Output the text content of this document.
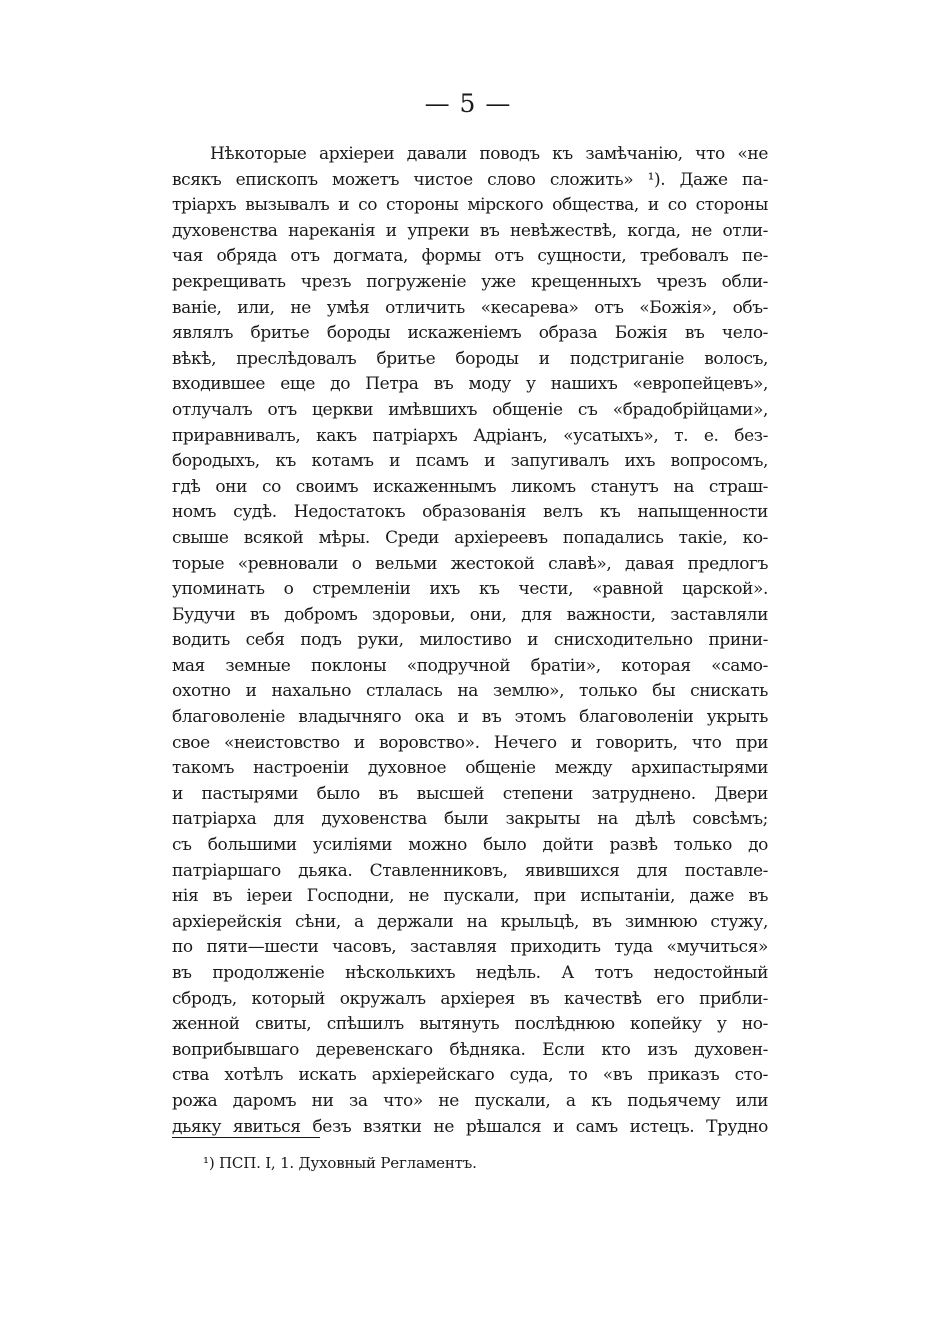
— 5 —
Нѣкоторые архіереи давали поводъ къ замѣчанію, что «не
всякъ епископъ можетъ чистое слово сложить» ¹). Даже па-
тріархъ вызывалъ и со стороны мірского общества, и со стороны
духовенства нареканія и упреки въ невѣжествѣ, когда, не отли-
чая обряда отъ догмата, формы отъ сущности, требовалъ пе-
рекрещивать чрезъ погруженіе уже крещенныхъ чрезъ обли-
ваніе, или, не умѣя отличить «кесарева» отъ «Божія», объ-
являлъ бритье бороды искаженіемъ образа Божія въ чело-
вѣкѣ, преслѣдовалъ бритье бороды и подстриганіе волосъ,
входившее еще до Петра въ моду у нашихъ «европейцевъ»,
отлучалъ отъ церкви имѣвшихъ общеніе съ «брадобрійцами»,
приравнивалъ, какъ патріархъ Адріанъ, «усатыхъ», т. е. без-
бородыхъ, къ котамъ и псамъ и запугивалъ ихъ вопросомъ,
гдѣ они со своимъ искаженнымъ ликомъ станутъ на страш-
номъ судѣ. Недостатокъ образованія велъ къ напыщенности
свыше всякой мѣры. Среди архіереевъ попадались такіе, ко-
торые «ревновали о вельми жестокой славѣ», давая предлогъ
упоминать о стремленіи ихъ къ чести, «равной царской».
Будучи въ добромъ здоровьи, они, для важности, заставляли
водить себя подъ руки, милостиво и снисходительно прини-
мая земные поклоны «подручной братіи», которая «само-
охотно и нахально стлалась на землю», только бы снискать
благоволеніе владычняго ока и въ этомъ благоволеніи укрыть
свое «неистовство и воровство». Нечего и говорить, что при
такомъ настроеніи духовное общеніе между архипастырями
и пастырями было въ высшей степени затруднено. Двери
патріарха для духовенства были закрыты на дѣлѣ совсѣмъ;
съ большими усиліями можно было дойти развѣ только до
патріаршаго дьяка. Ставленниковъ, явившихся для поставле-
нія въ іереи Господни, не пускали, при испытаніи, даже въ
архіерейскія сѣни, а держали на крыльцѣ, въ зимнюю стужу,
по пяти—шести часовъ, заставляя приходить туда «мучиться»
въ продолженіе нѣсколькихъ недѣль. А тотъ недостойный
сбродъ, который окружалъ архіерея въ качествѣ его прибли-
женной свиты, спѣшилъ вытянуть послѣднюю копейку у но-
воприбывшаго деревенскаго бѣдняка. Если кто изъ духовен-
ства хотѣлъ искать архіерейскаго суда, то «въ приказъ сто-
рожа даромъ ни за что» не пускали, а къ подьячему или
дьяку явиться безъ взятки не рѣшался и самъ истецъ. Трудно
¹) ПСП. I, 1. Духовный Регламентъ.
